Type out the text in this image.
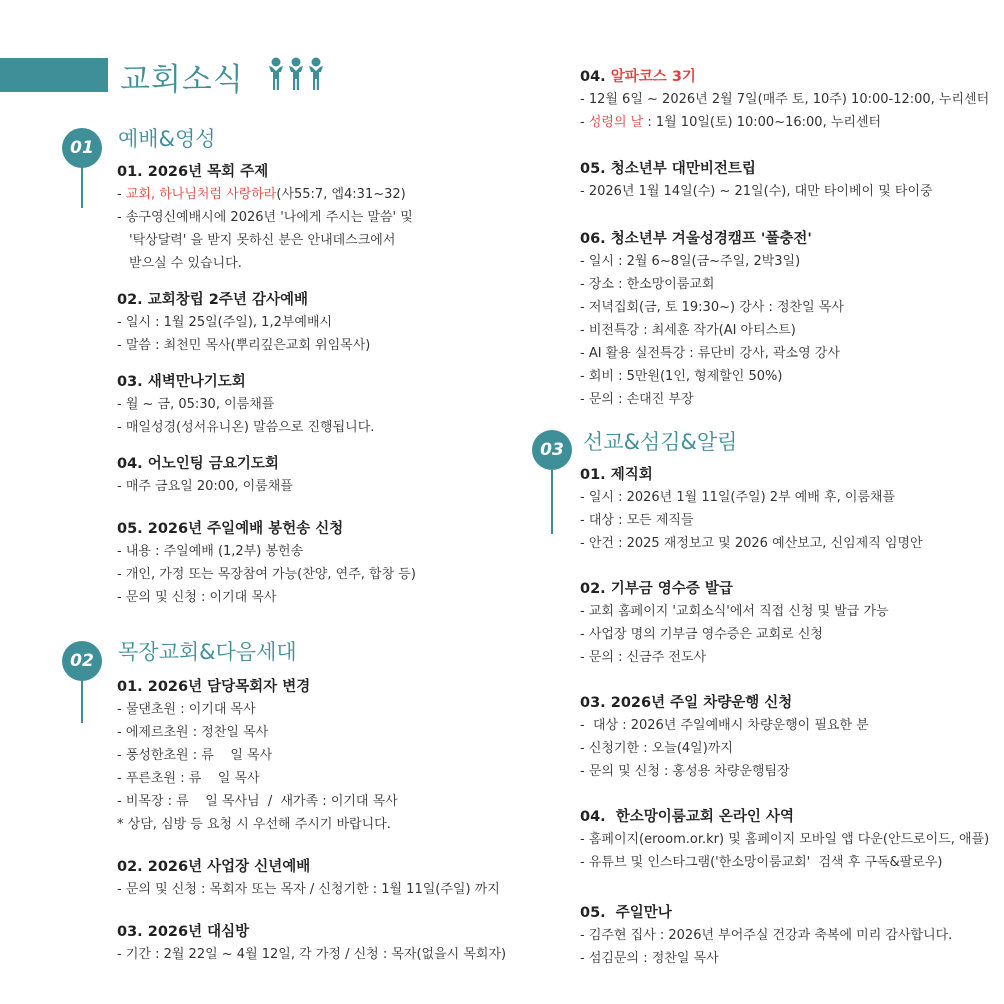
교회소식
01	예배&영성
01. 2026년 목회 주제
- 교회, 하나님처럼 사랑하라(사55:7, 엡4:31~32)
- 송구영신예배시에 2026년 '나에게 주시는 말씀' 및
'탁상달력' 을 받지 못하신 분은 안내데스크에서
받으실 수 있습니다.
02. 교회창립 2주년 감사예배
- 일시 : 1월 25일(주일), 1,2부예배시
- 말씀 : 최천민 목사(뿌리깊은교회 위임목사)
03. 새벽만나기도회
- 월 ~ 금, 05:30, 이룸채플
- 매일성경(성서유니온) 말씀으로 진행됩니다.
04. 어노인팅 금요기도회
- 매주 금요일 20:00, 이룸채플
05. 2026년 주일예배 봉헌송 신청
- 내용 : 주일예배 (1,2부) 봉헌송
- 개인, 가정 또는 목장참여 가능(찬양, 연주, 합창 등)
- 문의 및 신청 : 이기대 목사
02	목장교회&다음세대
01. 2026년 담당목회자 변경
- 물댄초원 : 이기대 목사
- 에제르초원 : 정찬일 목사
- 풍성한초원 : 류    일 목사
- 푸른초원 : 류    일 목사
- 비목장 : 류    일 목사님  /  새가족 : 이기대 목사
* 상담, 심방 등 요청 시 우선해 주시기 바랍니다.
02. 2026년 사업장 신년예배
- 문의 및 신청 : 목회자 또는 목자 / 신청기한 : 1월 11일(주일) 까지
03. 2026년 대심방
- 기간 : 2월 22일 ~ 4월 12일, 각 가정 / 신청 : 목자(없을시 목회자)
04. 알파코스 3기
- 12월 6일 ~ 2026년 2월 7일(매주 토, 10주) 10:00-12:00, 누리센터
- 성령의 날 : 1월 10일(토) 10:00~16:00, 누리센터
05. 청소년부 대만비전트립
- 2026년 1월 14일(수) ~ 21일(수), 대만 타이베이 및 타이중
06. 청소년부 겨울성경캠프 '풀충전'
- 일시 : 2월 6~8일(금~주일, 2박3일)
- 장소 : 한소망이룸교회
- 저녁집회(금, 토 19:30~) 강사 : 정찬일 목사
- 비전특강 : 최세훈 작가(AI 아티스트)
- AI 활용 실전특강 : 류단비 강사, 곽소영 강사
- 회비 : 5만원(1인, 형제할인 50%)
- 문의 : 손대진 부장
03 선교&섬김&알림
01. 제직회
- 일시 : 2026년 1월 11일(주일) 2부 예배 후, 이룸채플
- 대상 : 모든 제직들
- 안건 : 2025 재정보고 및 2026 예산보고, 신임제직 임명안
02. 기부금 영수증 발급
- 교회 홈페이지 '교회소식'에서 직접 신청 및 발급 가능
- 사업장 명의 기부금 영수증은 교회로 신청
- 문의 : 신금주 전도사
03. 2026년 주일 차량운행 신청
-  대상 : 2026년 주일예배시 차량운행이 필요한 분
- 신청기한 : 오늘(4일)까지
- 문의 및 신청 : 홍성용 차량운행팀장
04.  한소망이룸교회 온라인 사역
- 홈페이지(eroom.or.kr) 및 홈페이지 모바일 앱 다운(안드로이드, 애플)
- 유튜브 및 인스타그램('한소망이룸교회'  검색 후 구독&팔로우)
05.  주일만나
- 김주현 집사 : 2026년 부어주실 건강과 축복에 미리 감사합니다.
- 섬김문의 : 정찬일 목사
